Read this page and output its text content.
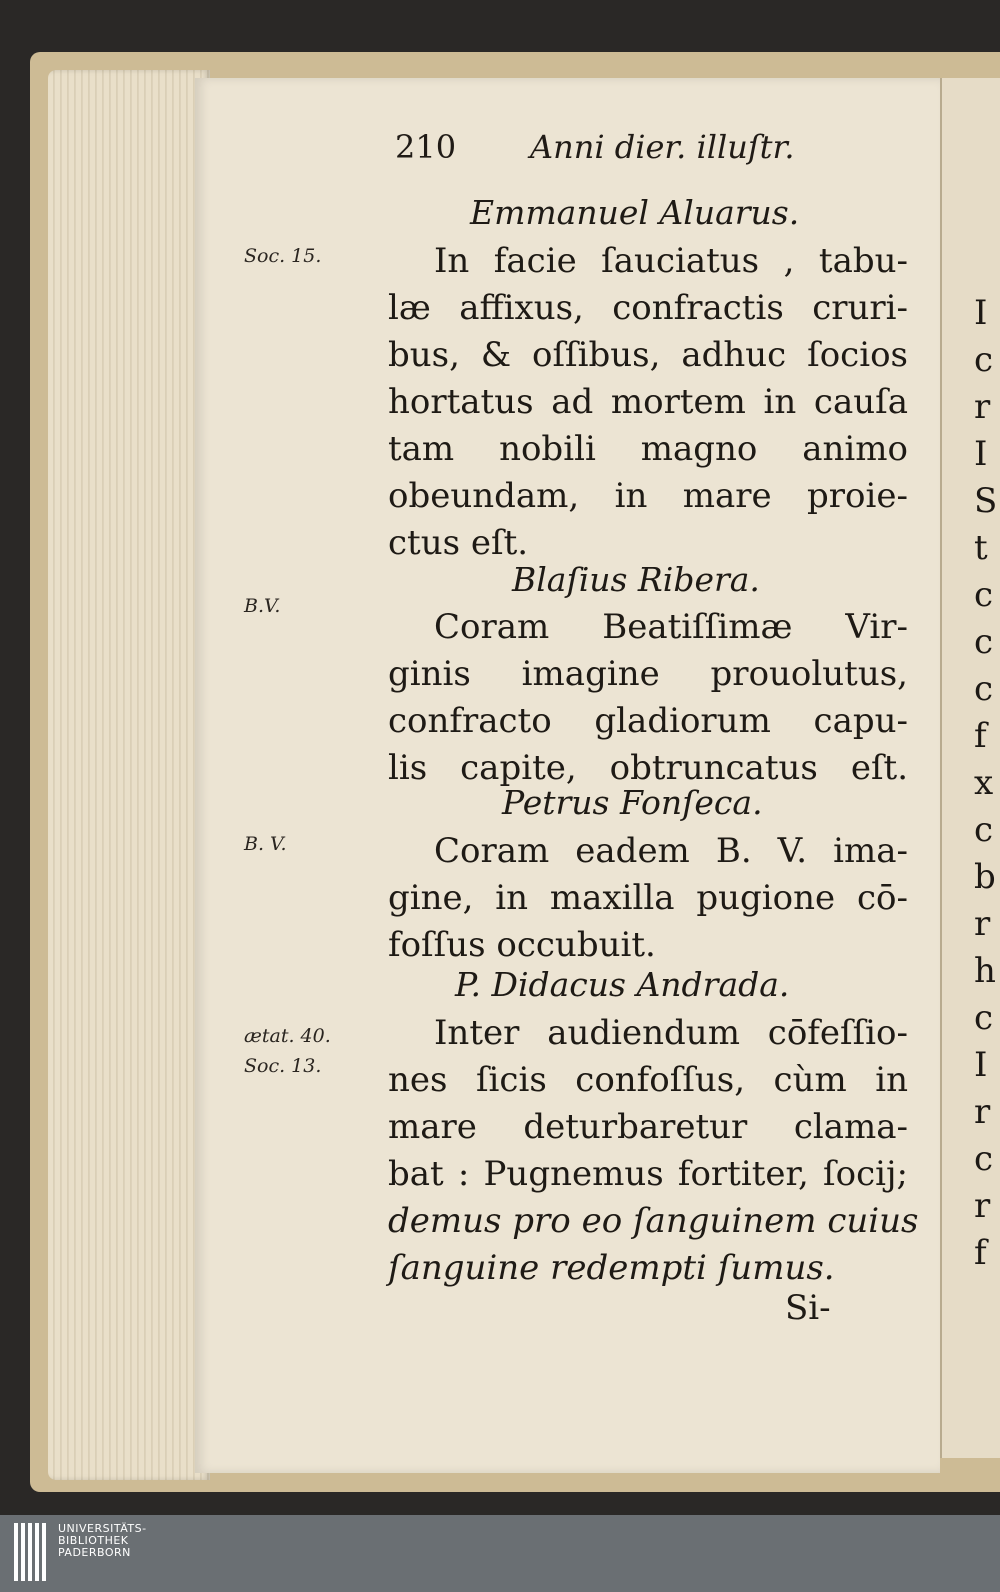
I
c
r
I
S
t
c
c
c
f
x
c
b
r
h
c
I
r
c
r
f
210 Anni dier. illuſtr.
Soc. 15.
B.V.
B. V.
ætat. 40.
Soc. 13.
Emmanuel Aluarus.
In facie ſauciatus , tabu-
læ affixus, confractis cruri-
bus, & oſſibus, adhuc ſocios
hortatus ad mortem in cauſa
tam nobili magno animo
obeundam, in mare proie-
ctus eſt.
Blaſius Ribera.
Coram Beatiſſimæ Vir-
ginis imagine prouolutus,
confracto gladiorum capu-
lis capite, obtruncatus eſt.
Petrus Fonſeca.
Coram eadem B. V. ima-
gine, in maxilla pugione cō-
foſſus occubuit.
P. Didacus Andrada.
Inter audiendum cōfeſſio-
nes ſicis confoſſus, cùm in
mare deturbaretur clama-
bat : Pugnemus fortiter, ſocij;
demus pro eo ſanguinem cuius
ſanguine redempti ſumus.
Si-
UNIVERSITÄTS-
BIBLIOTHEK
PADERBORN
